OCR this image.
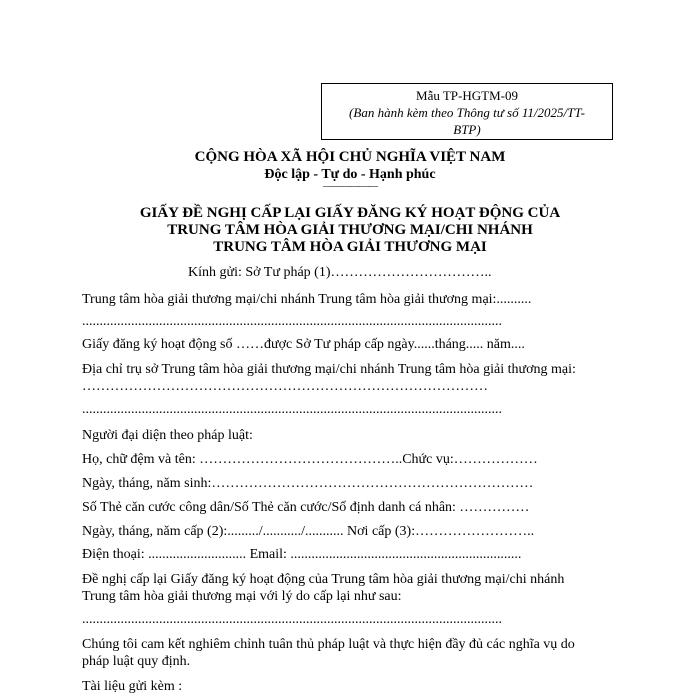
Mẫu TP-HGTM-09
(Ban hành kèm theo Thông tư số 11/2025/TT-
BTP)
CỘNG HÒA XÃ HỘI CHỦ NGHĨA VIỆT NAM
Độc lập - Tự do - Hạnh phúc
——————
GIẤY ĐỀ NGHỊ CẤP LẠI GIẤY ĐĂNG KÝ HOẠT ĐỘNG CỦA
TRUNG TÂM HÒA GIẢI THƯƠNG MẠI/CHI NHÁNH
TRUNG TÂM HÒA GIẢI THƯƠNG MẠI
Kính gửi: Sở Tư pháp (1)……………………………..
Trung tâm hòa giải thương mại/chi nhánh Trung tâm hòa giải thương mại:..........
........................................................................................................................
Giấy đăng ký hoạt động số ……được Sở Tư pháp cấp ngày......tháng..... năm....
Địa chỉ trụ sở Trung tâm hòa giải thương mại/chi nhánh Trung tâm hòa giải thương mại:
……………………………………………………………………………
........................................................................................................................
Người đại diện theo pháp luật:
Họ, chữ đệm và tên: ……………………………………..Chức vụ:………………
Ngày, tháng, năm sinh:……………………………………………………………
Số Thẻ căn cước công dân/Số Thẻ căn cước/Số định danh cá nhân: ……………
Ngày, tháng, năm cấp (2):........./.........../........... Nơi cấp (3):……………………..
Điện thoại: ............................ Email: ..................................................................
Đề nghị cấp lại Giấy đăng ký hoạt động của Trung tâm hòa giải thương mại/chi nhánh
Trung tâm hòa giải thương mại với lý do cấp lại như sau:
........................................................................................................................
Chúng tôi cam kết nghiêm chỉnh tuân thủ pháp luật và thực hiện đầy đủ các nghĩa vụ do
pháp luật quy định.
Tài liệu gửi kèm :
